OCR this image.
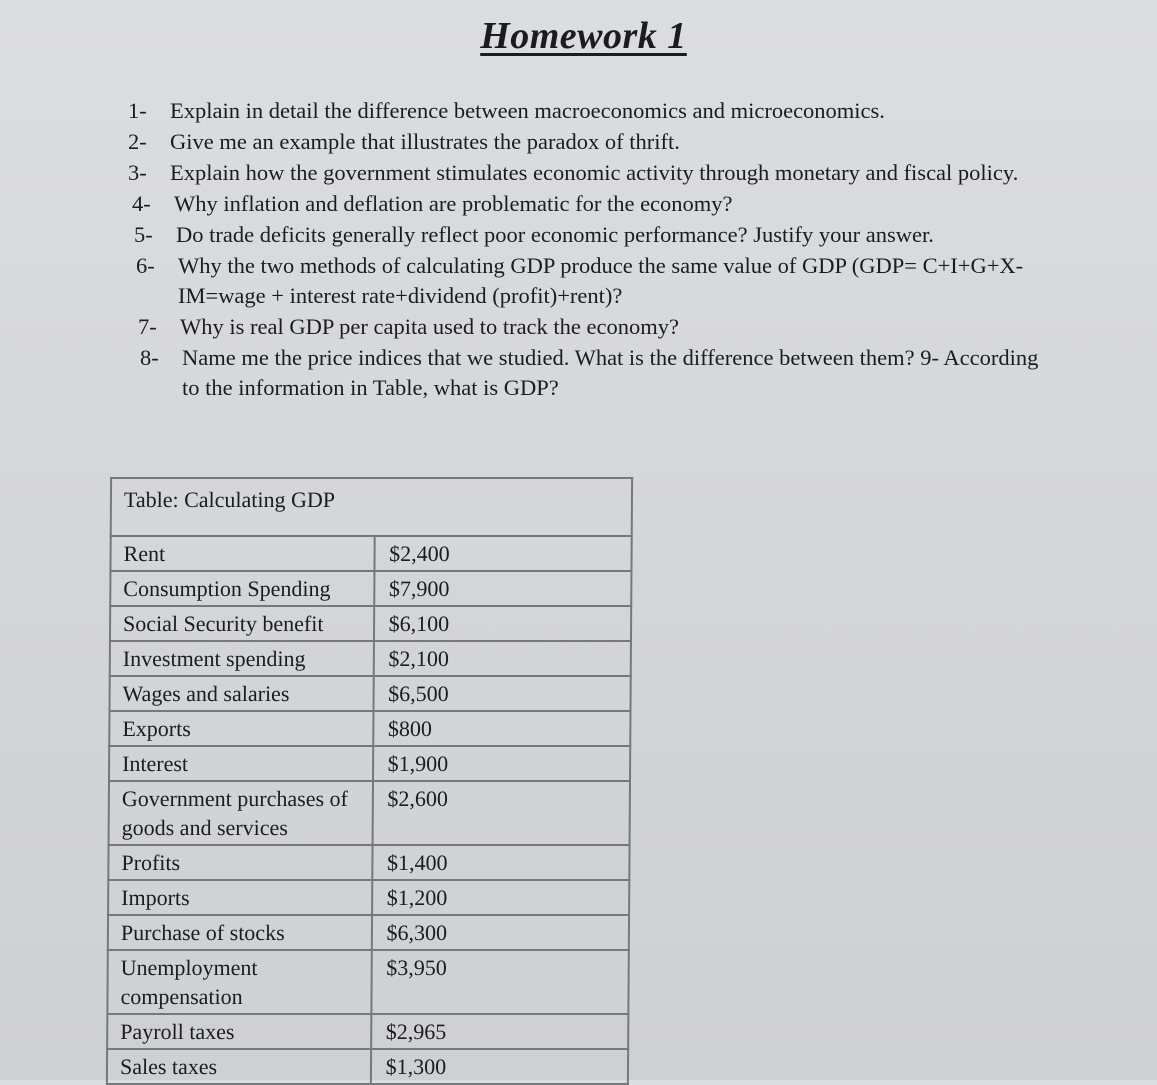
Homework 1
1- Explain in detail the difference between macroeconomics and microeconomics.
2- Give me an example that illustrates the paradox of thrift.
3- Explain how the government stimulates economic activity through monetary and fiscal policy.
4- Why inflation and deflation are problematic for the economy?
5- Do trade deficits generally reflect poor economic performance? Justify your answer.
6- Why the two methods of calculating GDP produce the same value of GDP (GDP= C+I+G+X-IM=wage + interest rate+dividend (profit)+rent)?
7- Why is real GDP per capita used to track the economy?
8- Name me the price indices that we studied. What is the difference between them? 9- According to the information in Table, what is GDP?
Table: Calculating GDP	
Rent	$2,400
Consumption Spending	$7,900
Social Security benefit	$6,100
Investment spending	$2,100
Wages and salaries	$6,500
Exports	$800
Interest	$1,900
Government purchases of goods and services	$2,600
Profits	$1,400
Imports	$1,200
Purchase of stocks	$6,300
Unemployment compensation	$3,950
Payroll taxes	$2,965
Sales taxes	$1,300
